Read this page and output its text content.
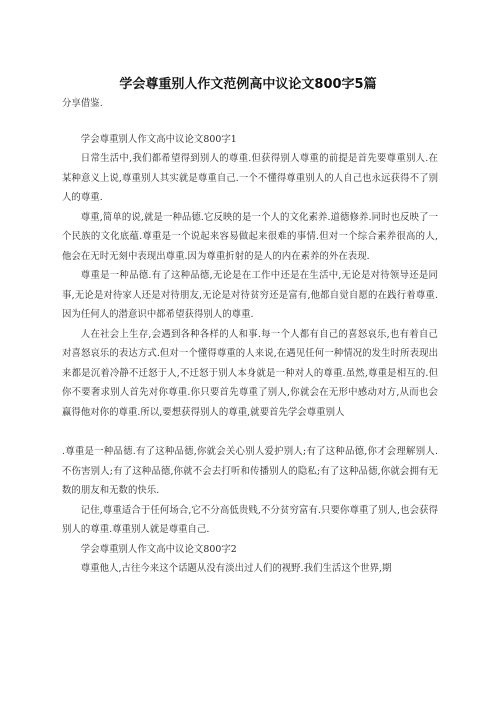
学会尊重别人作文范例高中议论文800字5篇

分享借鉴.

学会尊重别人作文高中议论文800字1

日常生活中,我们都希望得到别人的尊重.但获得别人尊重的前提是首先要尊重别人.在某种意义上说,尊重别人其实就是尊重自己.一个不懂得尊重别人的人自己也永远获得不了别人的尊重.

尊重,简单的说,就是一种品德.它反映的是一个人的文化素养.道德修养.同时也反映了一个民族的文化底蕴.尊重是一个说起来容易做起来很难的事情.但对一个综合素养很高的人,他会在无时无刻中表现出尊重.因为尊重折射的是人的内在素养的外在表现.

尊重是一种品德.有了这种品德,无论是在工作中还是在生活中,无论是对待领导还是同事,无论是对待家人还是对待朋友,无论是对待贫穷还是富有,他都自觉自愿的在践行着尊重.因为任何人的潜意识中都希望获得别人的尊重.

人在社会上生存,会遇到各种各样的人和事.每一个人都有自己的喜怒哀乐,也有着自己对喜怒哀乐的表达方式.但对一个懂得尊重的人来说,在遇见任何一种情况的发生时所表现出来都是沉着冷静不迁怒于人,不迁怒于别人本身就是一种对人的尊重.虽然,尊重是相互的.但你不要奢求别人首先对你尊重.你只要首先尊重了别人,你就会在无形中感动对方,从而也会赢得他对你的尊重.所以,要想获得别人的尊重,就要首先学会尊重别人

.尊重是一种品德.有了这种品德,你就会关心别人爱护别人;有了这种品德,你才会理解别人.不伤害别人;有了这种品德,你就不会去打听和传播别人的隐私;有了这种品德,你就会拥有无数的朋友和无数的快乐.

记住,尊重适合于任何场合,它不分高低贵贱,不分贫穷富有.只要你尊重了别人,也会获得别人的尊重.尊重别人就是尊重自己.

学会尊重别人作文高中议论文800字2

尊重他人,古往今来这个话题从没有淡出过人们的视野.我们生活这个世界,期
